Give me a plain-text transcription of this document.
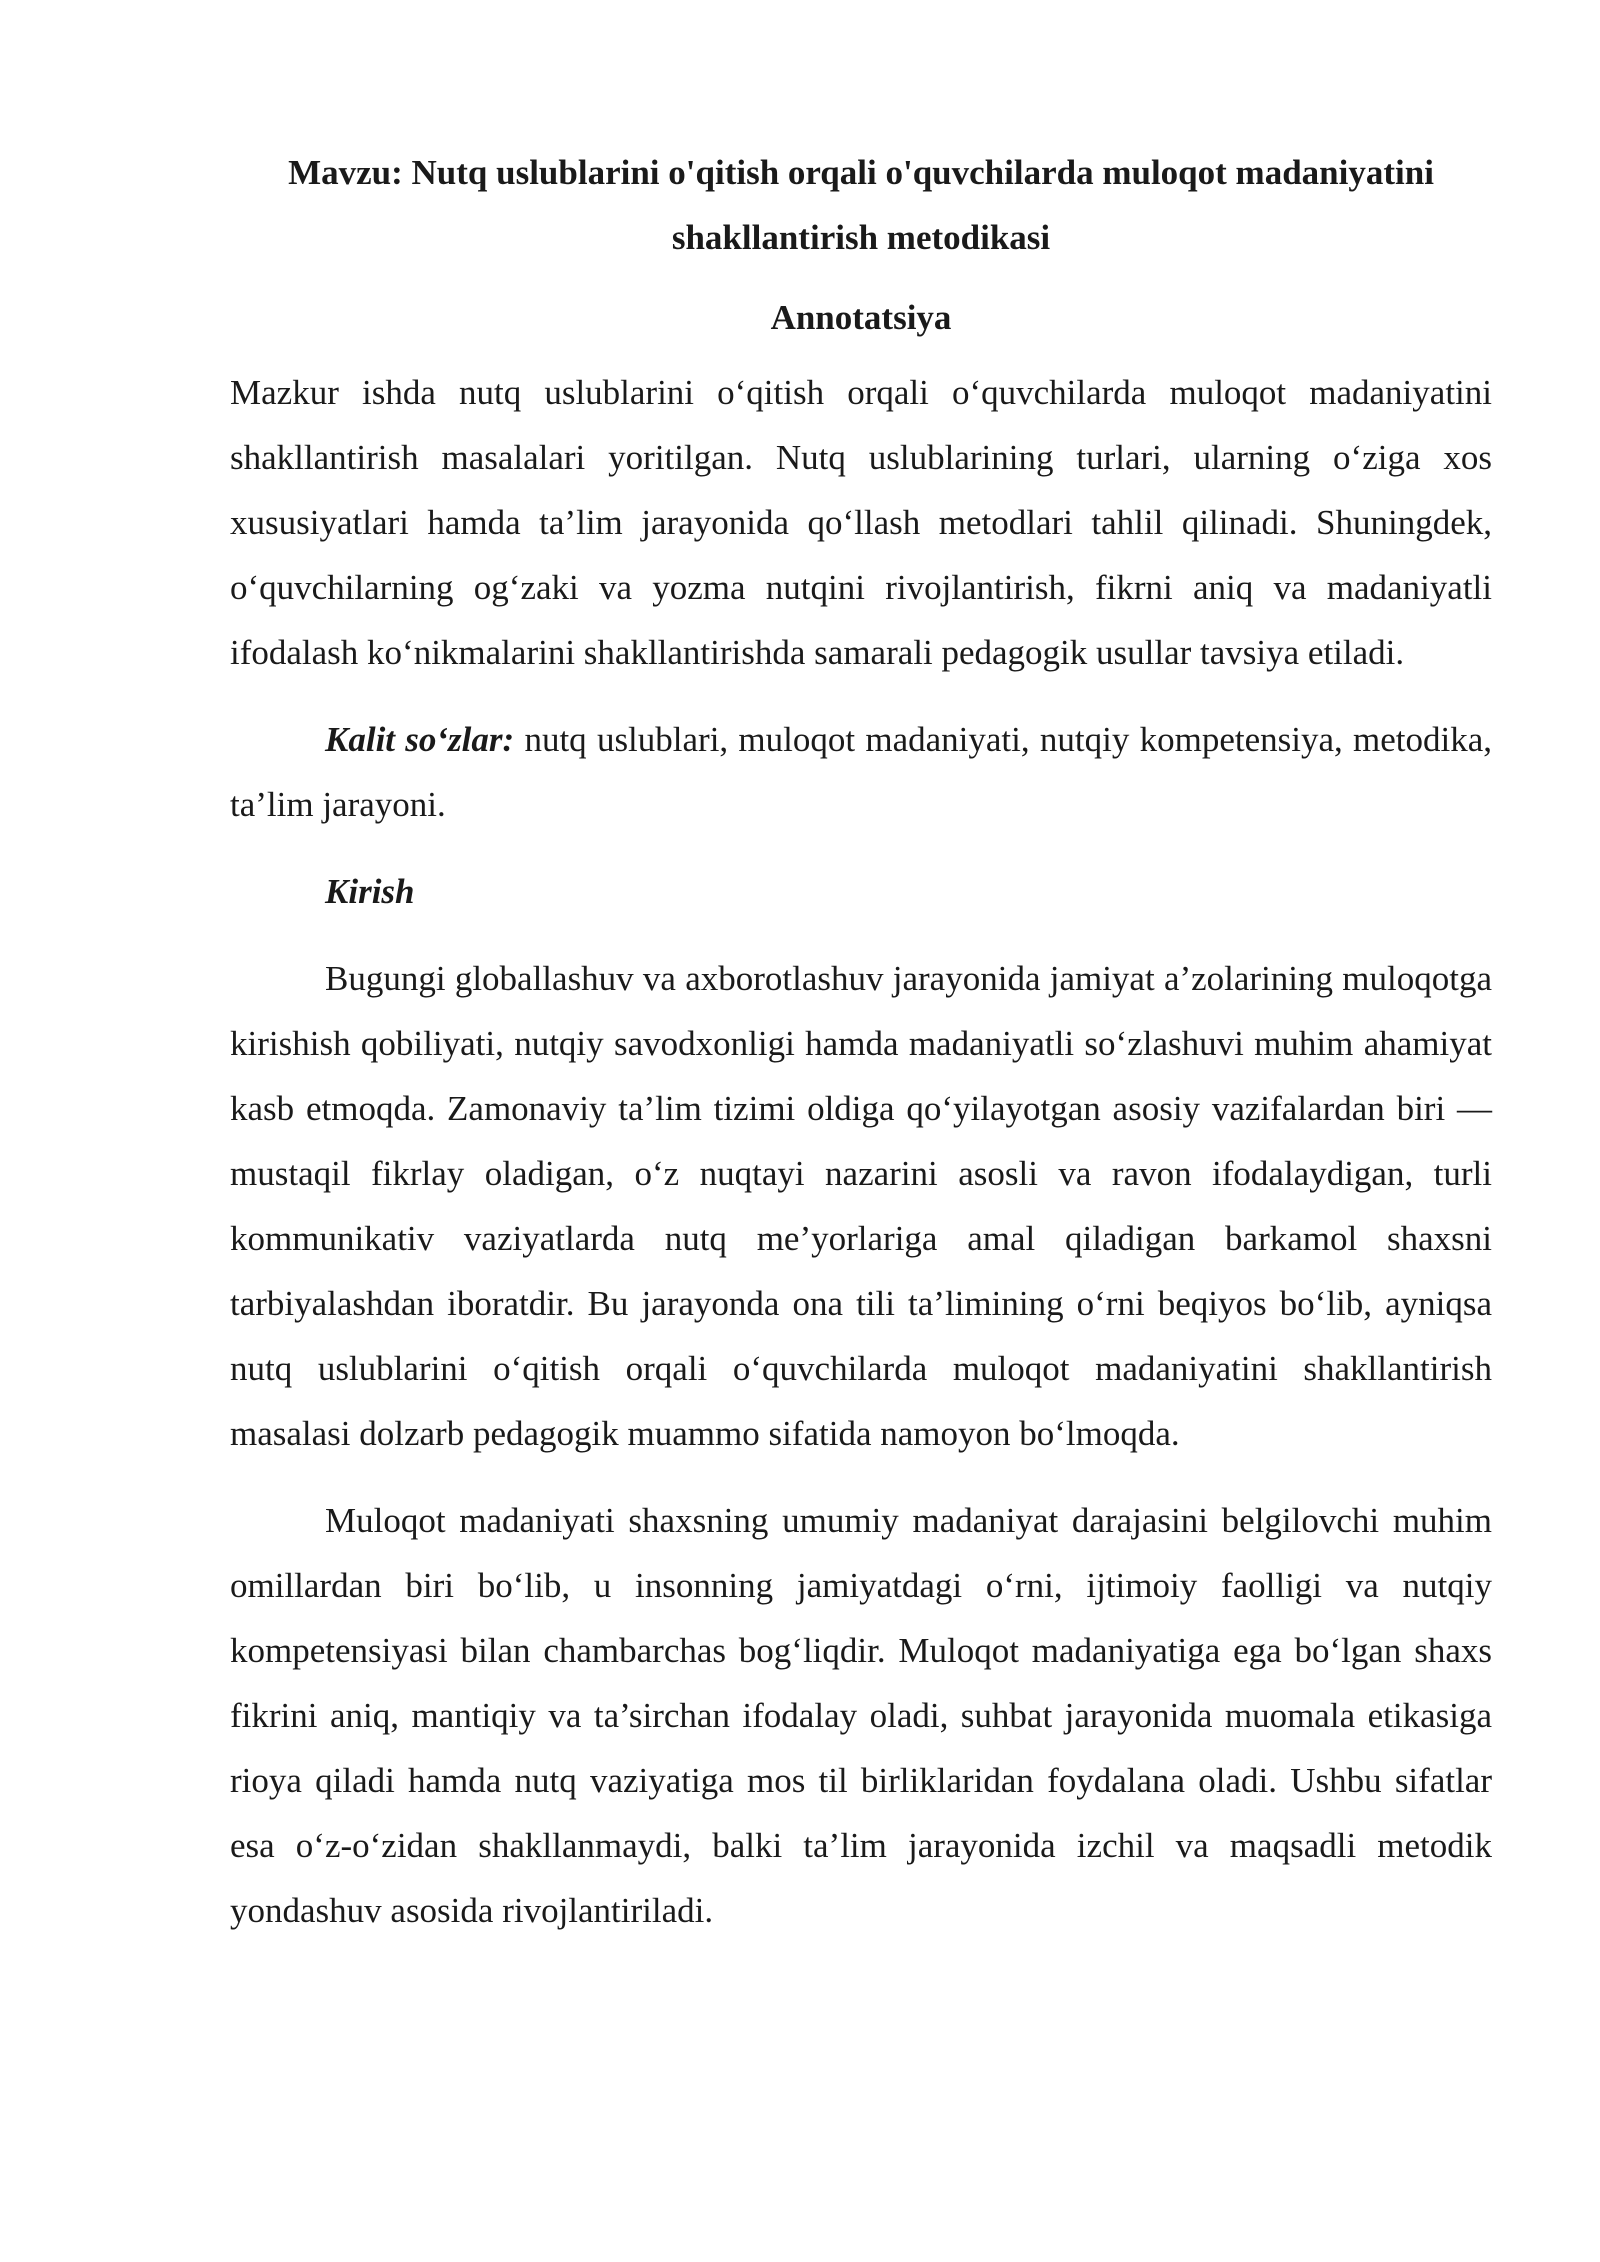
Mavzu: Nutq uslublarini o'qitish orqali o'quvchilarda muloqot madaniyatini shakllantirish metodikasi
Annotatsiya

Mazkur ishda nutq uslublarini o‘qitish orqali o‘quvchilarda muloqot madaniyatini shakllantirish masalalari yoritilgan. Nutq uslublarining turlari, ularning o‘ziga xos xususiyatlari hamda ta’lim jarayonida qo‘llash metodlari tahlil qilinadi. Shuningdek, o‘quvchilarning og‘zaki va yozma nutqini rivojlantirish, fikrni aniq va madaniyatli ifodalash ko‘nikmalarini shakllantirishda samarali pedagogik usullar tavsiya etiladi.

Kalit so‘zlar: nutq uslublari, muloqot madaniyati, nutqiy kompetensiya, metodika, ta’lim jarayoni.

Kirish

Bugungi globallashuv va axborotlashuv jarayonida jamiyat a’zolarining muloqotga kirishish qobiliyati, nutqiy savodxonligi hamda madaniyatli so‘zlashuvi muhim ahamiyat kasb etmoqda. Zamonaviy ta’lim tizimi oldiga qo‘yilayotgan asosiy vazifalardan biri — mustaqil fikrlay oladigan, o‘z nuqtayi nazarini asosli va ravon ifodalaydigan, turli kommunikativ vaziyatlarda nutq me’yorlariga amal qiladigan barkamol shaxsni tarbiyalashdan iboratdir. Bu jarayonda ona tili ta’limining o‘rni beqiyos bo‘lib, ayniqsa nutq uslublarini o‘qitish orqali o‘quvchilarda muloqot madaniyatini shakllantirish masalasi dolzarb pedagogik muammo sifatida namoyon bo‘lmoqda.

Muloqot madaniyati shaxsning umumiy madaniyat darajasini belgilovchi muhim omillardan biri bo‘lib, u insonning jamiyatdagi o‘rni, ijtimoiy faolligi va nutqiy kompetensiyasi bilan chambarchas bog‘liqdir. Muloqot madaniyatiga ega bo‘lgan shaxs fikrini aniq, mantiqiy va ta’sirchan ifodalay oladi, suhbat jarayonida muomala etikasiga rioya qiladi hamda nutq vaziyatiga mos til birliklaridan foydalana oladi. Ushbu sifatlar esa o‘z-o‘zidan shakllanmaydi, balki ta’lim jarayonida izchil va maqsadli metodik yondashuv asosida rivojlantiriladi.
